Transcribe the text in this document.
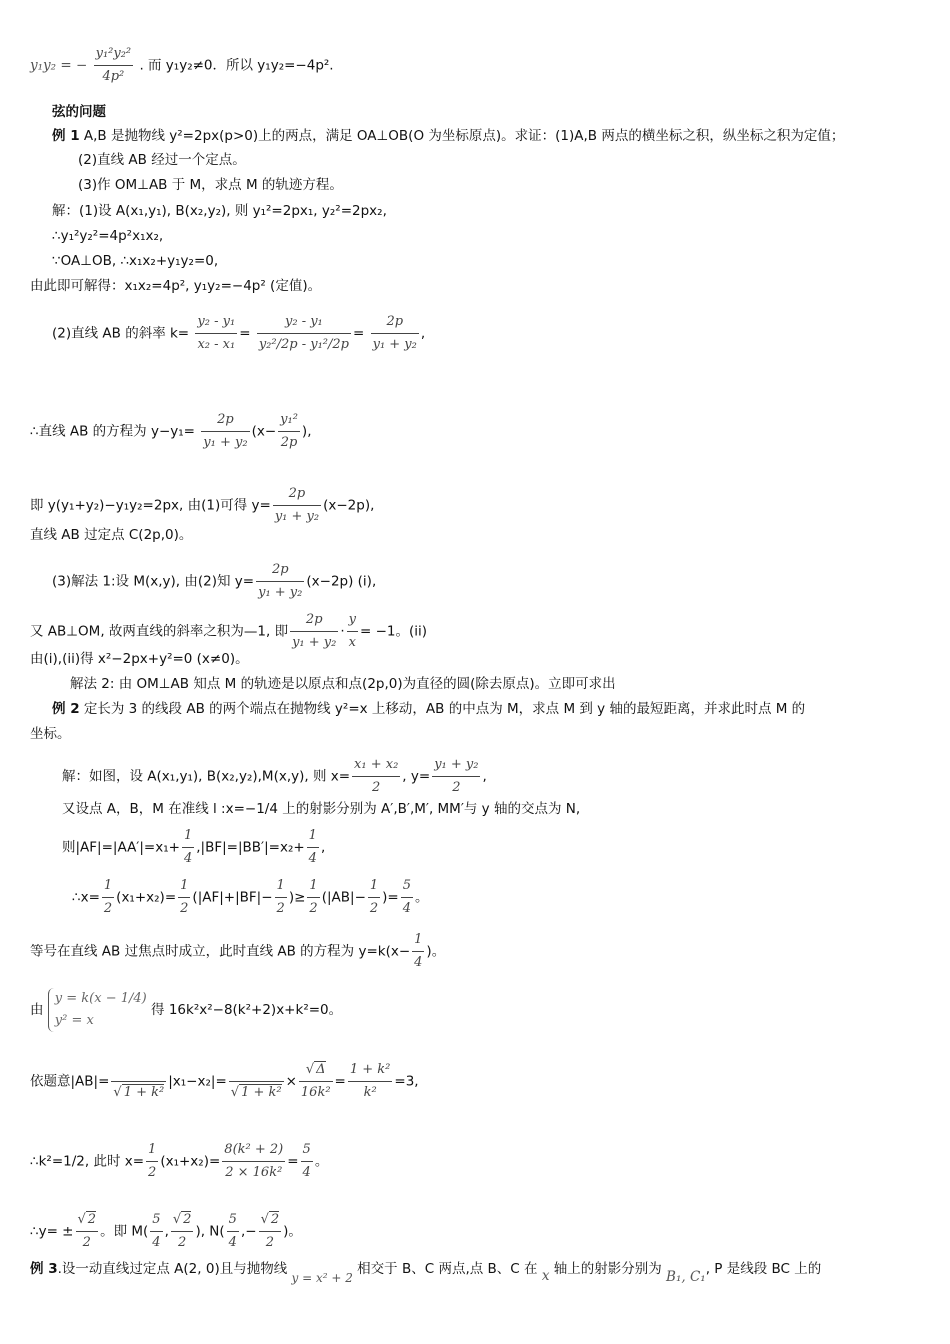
y₁y₂ = − $\frac{\text{y₁²y₂²}}{\text{4p²}}$ . 而 y₁y₂≠0．所以 y₁y₂=−4p².
弦的问题
例 1 A,B 是抛物线 y²=2px(p>0)上的两点，满足 OA⊥OB(O 为坐标原点)。求证：(1)A,B 两点的横坐标之积，纵坐标之积为定值；
(2)直线 AB 经过一个定点。
(3)作 OM⊥AB 于 M，求点 M 的轨迹方程。
解：(1)设 A(x₁,y₁), B(x₂,y₂), 则 y₁²=2px₁, y₂²=2px₂,
∴y₁²y₂²=4p²x₁x₂,
∵OA⊥OB, ∴x₁x₂+y₁y₂=0,
由此即可解得：x₁x₂=4p², y₁y₂=−4p² (定值)。
(2)直线 AB 的斜率 $k= \frac{\text{y₂ - y₁}}{\text{x₂ - x₁}} = \frac{\text{y₂ - y₁}}{\text{y₂²/2p - y₁²/2p}} = \frac{2p}{\text{y₁ + y₂}}$ ,
∴直线 AB 的方程为 $y-y_1= \frac{2p}{\text{y₁ + y₂}} (x- \frac{\text{y₁²}}{2p}$ ),
即 y(y₁+y₂)−y₁y₂=2px, 由(1)可得 $y= \frac{2p}{\text{y₁ + y₂}} (x-2p)$,
直线 AB 过定点 C(2p,0)。
(3)解法 1:设 M(x,y), 由(2)知 $y= \frac{2p}{\text{y₁ + y₂}} (x-2p)$ (i),
又 AB⊥OM, 故两直线的斜率之积为—1, 即 $\frac{2p}{\text{y₁ + y₂}} \cdot \frac{y}{x} = -1$。(ii)
由(i),(ii)得 x²−2px+y²=0 (x≠0)。
解法 2: 由 OM⊥AB 知点 M 的轨迹是以原点和点(2p,0)为直径的圆(除去原点)。立即可求出
例 2 定长为 3 的线段 AB 的两个端点在抛物线 y²=x 上移动，AB 的中点为 M，求点 M 到 y 轴的最短距离，并求此时点 M 的
坐标。
解：如图，设 A(x₁,y₁), B(x₂,y₂),M(x,y), 则 $x= \frac{\text{x₁ + x₂}}{2}$ , $y= \frac{\text{y₁ + y₂}}{2}$ ,
又设点 A，B，M 在准线 l :x=−1/4 上的射影分别为 A′,B′,M′, MM′与 y 轴的交点为 N,
则$|AF|=|AA'|=x_1+ \frac{1}{4} ,|BF|=|BB'|=x_2+ \frac{1}{4}$ ,
∴x= $\frac{1}{2} (x_1+x_2)= \frac{1}{2} (|AF|+|BF|- \frac{1}{2}$ )≥ $\frac{1}{2} (|AB|- \frac{1}{2}$ )= $\frac{5}{4}$ 。
等号在直线 AB 过焦点时成立，此时直线 AB 的方程为 $y=k(x- \frac{1}{4}$ )。
由 y = k(x − 1/4)
y² = x 得 16k²x²−8(k²+2)x+k²=0。
依题意|AB|=

√ 1 + k²
|x₁−x₂|=

√ 1 + k²
× $\frac{√ \Delta}{\text{16k²}} = \frac{\text{1 + k²}}{\text{k²}} =3$,
∴k²=1/2, 此时 $x= \frac{1}{2} (x_1+x_2)= \frac{\text{8(k² + 2)}}{\text{2 × 16k²}} = \frac{5}{4}$ 。
∴y= ± $\frac{√ 2}{2}$ 。即 $M( \frac{5}{4}$ , $\frac{√ 2}{2}$ ), $N( \frac{5}{4}$ ,− $\frac{√ 2}{2}$ )。
例 3.设一动直线过定点 A(2, 0)且与抛物线 y = x² + 2 相交于 B、C 两点,点 B、C 在 x 轴上的射影分别为 B₁, C₁, P 是线段 BC 上的
